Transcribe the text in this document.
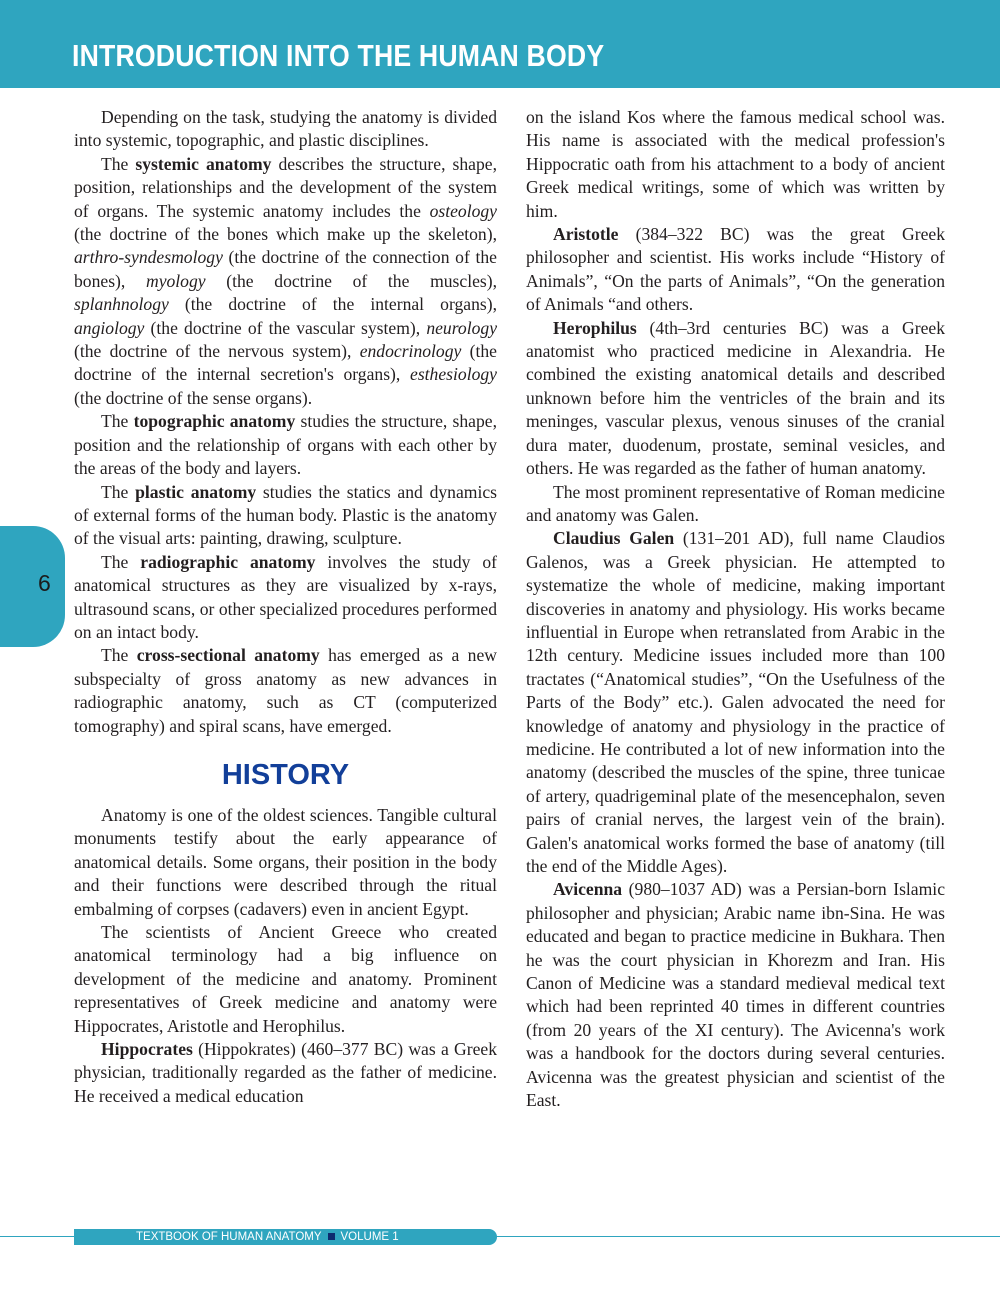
INTRODUCTION INTO THE HUMAN BODY
6

Depending on the task, studying the anatomy is divided into systemic, topographic, and plastic disciplines.

The systemic anatomy describes the structure, shape, position, relationships and the development of the system of organs. The systemic anatomy includes the osteology (the doctrine of the bones which make up the skeleton), arthro-syndesmology (the doctrine of the connection of the bones), myology (the doctrine of the muscles), splanhnology (the doctrine of the internal organs), angiology (the doctrine of the vascular system), neurology (the doctrine of the nervous system), endocrinology (the doctrine of the internal secretion's organs), esthesiology (the doctrine of the sense organs).

The topographic anatomy studies the structure, shape, position and the relationship of organs with each other by the areas of the body and layers.

The plastic anatomy studies the statics and dynamics of external forms of the human body. Plastic is the anatomy of the visual arts: painting, drawing, sculpture.

The radiographic anatomy involves the study of anatomical structures as they are visualized by x-rays, ultrasound scans, or other specialized procedures performed on an intact body.

The cross-sectional anatomy has emerged as a new subspecialty of gross anatomy as new advances in radiographic anatomy, such as CT (computerized tomography) and spiral scans, have emerged.

HISTORY

Anatomy is one of the oldest sciences. Tangible cultural monuments testify about the early appearance of anatomical details. Some organs, their position in the body and their functions were described through the ritual embalming of corpses (cadavers) even in ancient Egypt.

The scientists of Ancient Greece who created anatomical terminology had a big influence on development of the medicine and anatomy. Prominent representatives of Greek medicine and anatomy were Hippocrates, Aristotle and Herophilus.

Hippocrates (Hippokrates) (460–377 BC) was a Greek physician, traditionally regarded as the father of medicine. He received a medical education

on the island Kos where the famous medical school was. His name is associated with the medical profession's Hippocratic oath from his attachment to a body of ancient Greek medical writings, some of which was written by him.

Aristotle (384–322 BC) was the great Greek philosopher and scientist. His works include “History of Animals”, “On the parts of Animals”, “On the generation of Animals “and others.

Herophilus (4th–3rd centuries BC) was a Greek anatomist who practiced medicine in Alexandria. He combined the existing anatomical details and described unknown before him the ventricles of the brain and its meninges, vascular plexus, venous sinuses of the cranial dura mater, duodenum, prostate, seminal vesicles, and others. He was regarded as the father of human anatomy.

The most prominent representative of Roman medicine and anatomy was Galen.

Claudius Galen (131–201 AD), full name Claudios Galenos, was a Greek physician. He attempted to systematize the whole of medicine, making important discoveries in anatomy and physiology. His works became influential in Europe when retranslated from Arabic in the 12th century. Medicine issues included more than 100 tractates (“Anatomical studies”, “On the Usefulness of the Parts of the Body” etc.). Galen advocated the need for knowledge of anatomy and physiology in the practice of medicine. He contributed a lot of new information into the anatomy (described the muscles of the spine, three tunicae of artery, quadrigeminal plate of the mesencephalon, seven pairs of cranial nerves, the largest vein of the brain). Galen's anatomical works formed the base of anatomy (till the end of the Middle Ages).

Avicenna (980–1037 AD) was a Persian-born Islamic philosopher and physician; Arabic name ibn-Sina. He was educated and began to practice medicine in Bukhara. Then he was the court physician in Khorezm and Iran. His Canon of Medicine was a standard medieval medical text which had been reprinted 40 times in different countries (from 20 years of the XI century). The Avicenna's work was a handbook for the doctors during several centuries. Avicenna was the greatest physician and scientist of the East.

TEXTBOOK OF HUMAN ANATOMY VOLUME 1
